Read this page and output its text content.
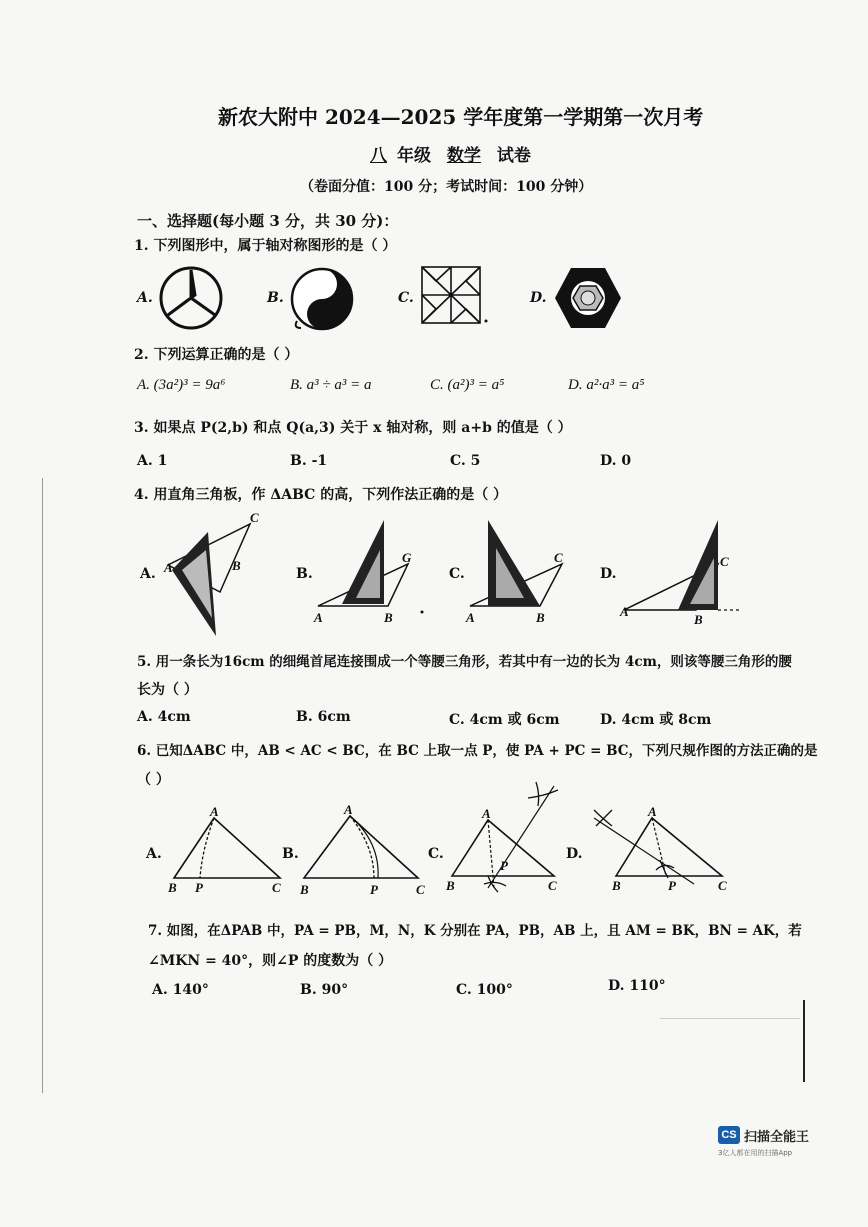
新农大附中 2024—2025 学年度第一学期第一次月考
八 年级 数学 试卷
（卷面分值：100 分；考试时间：100 分钟）
一、选择题(每小题 3 分，共 30 分)：
1. 下列图形中，属于轴对称图形的是（ ）
A.	B.	C.	D.
2. 下列运算正确的是（ ）
A. (3a²)³ = 9a⁶	B. a³ ÷ a³ = a	C. (a²)³ = a⁵	D. a²·a³ = a⁵
3. 如果点 P(2,b) 和点 Q(a,3) 关于 x 轴对称，则 a+b 的值是（ ）
A. 1	B. -1	C. 5	D. 0
4. 用直角三角板，作 ΔABC 的高，下列作法正确的是（ ）
A.
C
A	B
B.
G
A	B
C.
C
A	B
D.
C
A
B
5. 用一条长为16cm 的细绳首尾连接围成一个等腰三角形，若其中有一边的长为 4cm，则该等腰三角形的腰
长为（ ）
A. 4cm	B. 6cm	C. 4cm 或 6cm	D. 4cm 或 8cm
6. 已知ΔABC 中，AB < AC < BC，在 BC 上取一点 P，使 PA + PC = BC，下列尺规作图的方法正确的是
（ ）
A.
A
B P	C
B.
A
B	P	C
C.
A
B
P
C
D.
A
B	P	C
7. 如图，在ΔPAB 中，PA = PB，M，N，K 分别在 PA，PB，AB 上，且 AM = BK，BN = AK，若
∠MKN = 40°，则∠P 的度数为（ ）
A. 140°	B. 90°	C. 100°	D. 110°
CS 扫描全能王
3亿人都在用的扫描App
